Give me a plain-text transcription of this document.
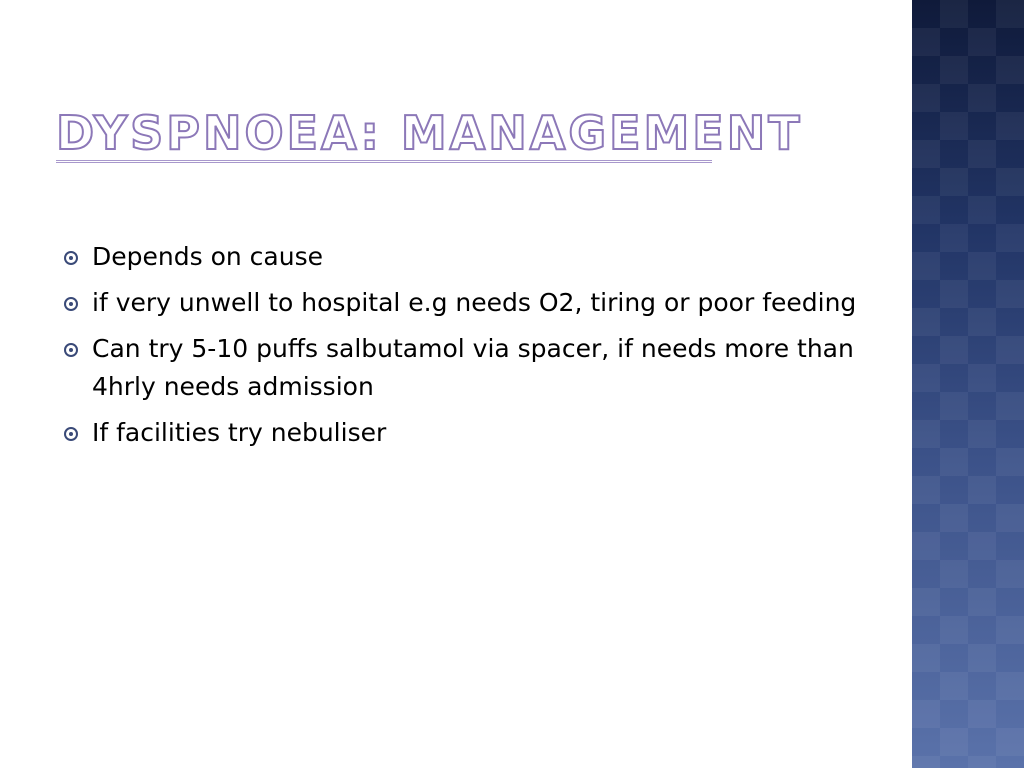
DYSPNOEA: MANAGEMENT
Depends on cause
if very unwell to hospital e.g needs O2, tiring or poor feeding
Can try 5-10 puffs salbutamol via spacer, if needs more than 4hrly needs admission
If facilities try nebuliser
